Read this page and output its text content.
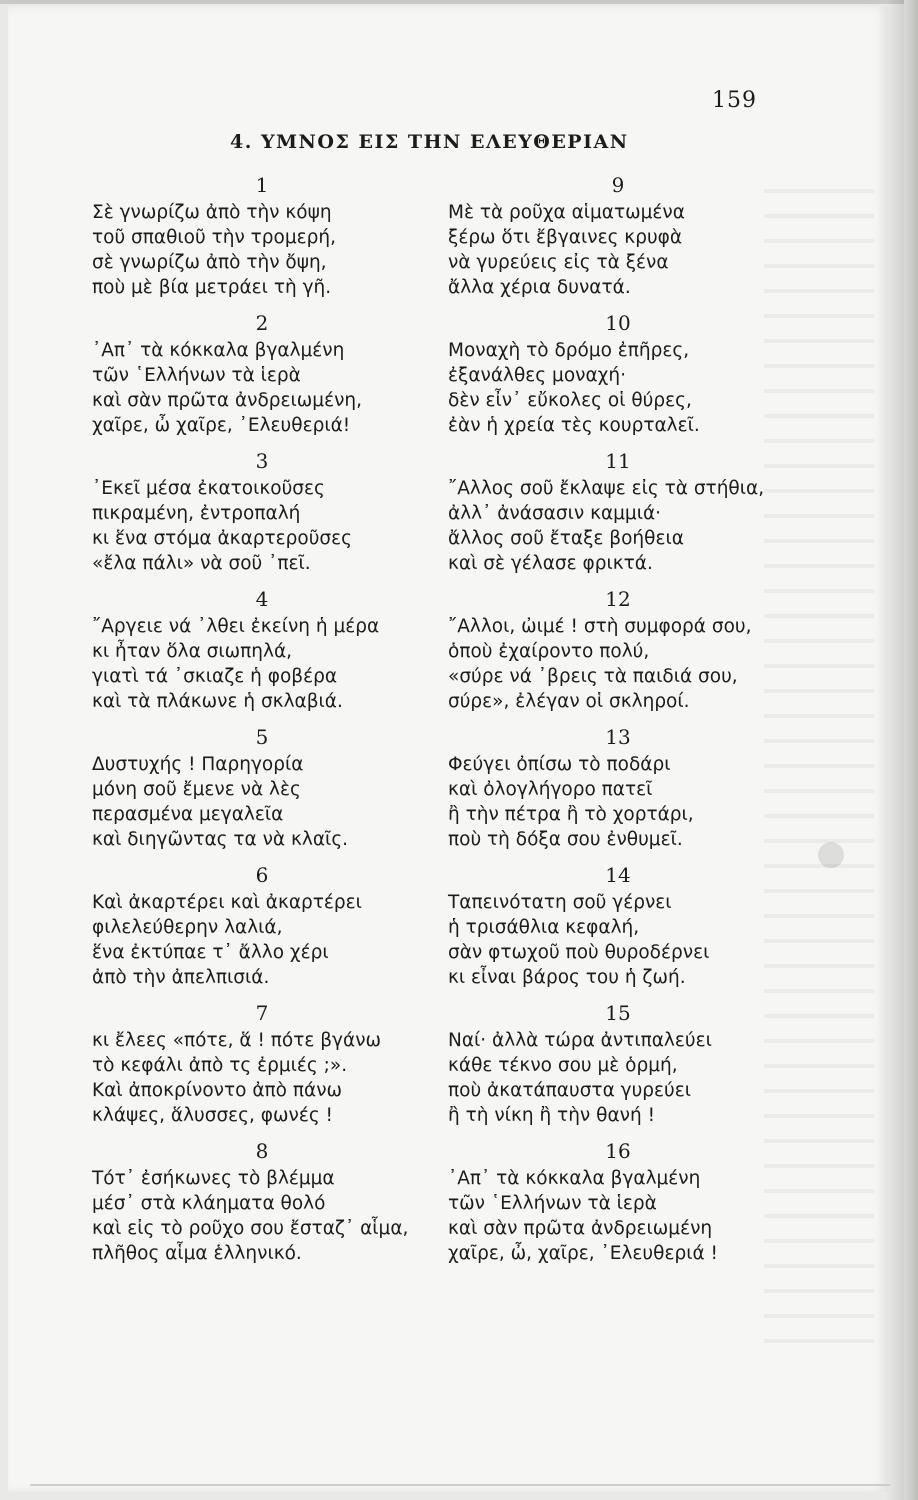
159
4. ΥΜΝΟΣ ΕΙΣ ΤΗΝ ΕΛΕΥΘΕΡΙΑΝ
1
Σὲ γνωρίζω ἀπὸ τὴν κόψη
τοῦ σπαθιοῦ τὴν τρομερή,
σὲ γνωρίζω ἀπὸ τὴν ὄψη,
ποὺ μὲ βία μετράει τὴ γῆ.
2
᾿Απ᾿ τὰ κόκκαλα βγαλμένη
τῶν ῾Ελλήνων τὰ ἱερὰ
καὶ σὰν πρῶτα ἀνδρειωμένη,
χαῖρε, ὦ χαῖρε, ᾿Ελευθεριά!
3
᾿Εκεῖ μέσα ἐκατοικοῦσες
πικραμένη, ἐντροπαλή
κι ἕνα στόμα ἀκαρτεροῦσες
«ἔλα πάλι» νὰ σοῦ ᾿πεῖ.
4
῎Αργειε νά ᾿λθει ἐκείνη ἡ μέρα
κι ἦταν ὅλα σιωπηλά,
γιατὶ τά ᾿σκιαζε ἡ φοβέρα
καὶ τὰ πλάκωνε ἡ σκλαβιά.
5
Δυστυχής ! Παρηγορία
μόνη σοῦ ἔμενε νὰ λὲς
περασμένα μεγαλεῖα
καὶ διηγῶντας τα νὰ κλαῖς.
6
Καὶ ἀκαρτέρει καὶ ἀκαρτέρει
φιλελεύθερην λαλιά,
ἕνα ἐκτύπαε τ᾿ ἄλλο χέρι
ἀπὸ τὴν ἀπελπισιά.
7
κι ἔλεες «πότε, ἅ ! πότε βγάνω
τὸ κεφάλι ἀπὸ τς ἐρμιές ;».
Καὶ ἀποκρίνοντο ἀπὸ πάνω
κλάψες, ἅλυσσες, φωνές !
8
Τότ᾿ ἐσήκωνες τὸ βλέμμα
μέσ᾿ στὰ κλάηματα θολό
καὶ εἰς τὸ ροῦχο σου ἔσταζ᾿ αἷμα,
πλῆθος αἷμα ἑλληνικό.
9
Μὲ τὰ ροῦχα αἱματωμένα
ξέρω ὅτι ἔβγαινες κρυφὰ
νὰ γυρεύεις εἰς τὰ ξένα
ἄλλα χέρια δυνατά.
10
Μοναχὴ τὸ δρόμο ἐπῆρες,
ἐξανάλθες μοναχή·
δὲν εἶν᾿ εὔκολες οἱ θύρες,
ἐὰν ἡ χρεία τὲς κουρταλεῖ.
11
῎Αλλος σοῦ ἔκλαψε εἰς τὰ στήθια,
ἀλλ᾿ ἀνάσασιν καμμιά·
ἄλλος σοῦ ἔταξε βοήθεια
καὶ σὲ γέλασε φρικτά.
12
῎Αλλοι, ὠιμέ ! στὴ συμφορά σου,
ὁποὺ ἐχαίροντο πολύ,
«σύρε νά ᾿βρεις τὰ παιδιά σου,
σύρε», ἐλέγαν οἱ σκληροί.
13
Φεύγει ὀπίσω τὸ ποδάρι
καὶ ὀλογλήγορο πατεῖ
ἢ τὴν πέτρα ἢ τὸ χορτάρι,
ποὺ τὴ δόξα σου ἐνθυμεῖ.
14
Ταπεινότατη σοῦ γέρνει
ἡ τρισάθλια κεφαλή,
σὰν φτωχοῦ ποὺ θυροδέρνει
κι εἶναι βάρος του ἡ ζωή.
15
Ναί· ἀλλὰ τώρα ἀντιπαλεύει
κάθε τέκνο σου μὲ ὁρμή,
ποὺ ἀκατάπαυστα γυρεύει
ἢ τὴ νίκη ἢ τὴν θανή !
16
᾿Απ᾿ τὰ κόκκαλα βγαλμένη
τῶν ῾Ελλήνων τὰ ἱερὰ
καὶ σὰν πρῶτα ἀνδρειωμένη
χαῖρε, ὦ, χαῖρε, ᾿Ελευθεριά !
